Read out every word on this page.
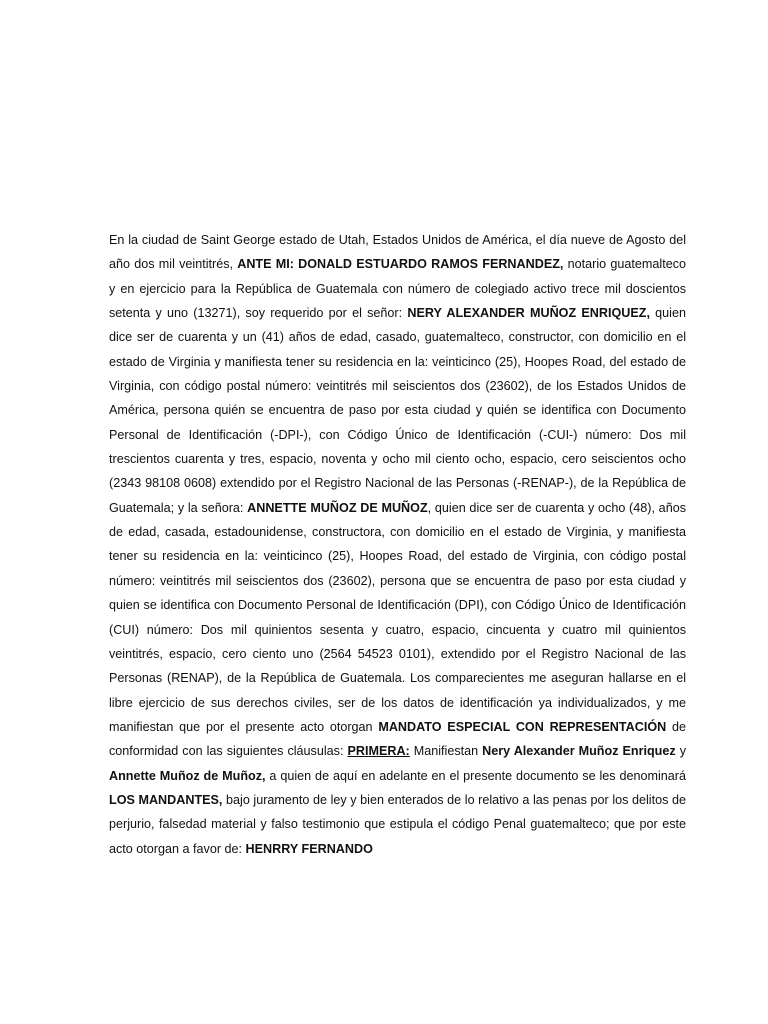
En la ciudad de Saint George estado de Utah, Estados Unidos de América, el día nueve de Agosto del año dos mil veintitrés, ANTE MI: DONALD ESTUARDO RAMOS FERNANDEZ, notario guatemalteco y en ejercicio para la República de Guatemala con número de colegiado activo trece mil doscientos setenta y uno (13271), soy requerido por el señor: NERY ALEXANDER MUÑOZ ENRIQUEZ, quien dice ser de cuarenta y un (41) años de edad, casado, guatemalteco, constructor, con domicilio en el estado de Virginia y manifiesta tener su residencia en la: veinticinco (25), Hoopes Road, del estado de Virginia, con código postal número: veintitrés mil seiscientos dos (23602), de los Estados Unidos de América, persona quién se encuentra de paso por esta ciudad y quién se identifica con Documento Personal de Identificación (-DPI-), con Código Único de Identificación (-CUI-) número: Dos mil trescientos cuarenta y tres, espacio, noventa y ocho mil ciento ocho, espacio, cero seiscientos ocho (2343 98108 0608) extendido por el Registro Nacional de las Personas (-RENAP-), de la República de Guatemala; y la señora: ANNETTE MUÑOZ DE MUÑOZ, quien dice ser de cuarenta y ocho (48), años de edad, casada, estadounidense, constructora, con domicilio en el estado de Virginia, y manifiesta tener su residencia en la: veinticinco (25), Hoopes Road, del estado de Virginia, con código postal número: veintitrés mil seiscientos dos (23602), persona que se encuentra de paso por esta ciudad y quien se identifica con Documento Personal de Identificación (DPI), con Código Único de Identificación (CUI) número: Dos mil quinientos sesenta y cuatro, espacio, cincuenta y cuatro mil quinientos veintitrés, espacio, cero ciento uno (2564 54523 0101), extendido por el Registro Nacional de las Personas (RENAP), de la República de Guatemala. Los comparecientes me aseguran hallarse en el libre ejercicio de sus derechos civiles, ser de los datos de identificación ya individualizados, y me manifiestan que por el presente acto otorgan MANDATO ESPECIAL CON REPRESENTACIÓN de conformidad con las siguientes cláusulas: PRIMERA: Manifiestan Nery Alexander Muñoz Enriquez y Annette Muñoz de Muñoz, a quien de aquí en adelante en el presente documento se les denominará LOS MANDANTES, bajo juramento de ley y bien enterados de lo relativo a las penas por los delitos de perjurio, falsedad material y falso testimonio que estipula el código Penal guatemalteco; que por este acto otorgan a favor de: HENRRY FERNANDO
